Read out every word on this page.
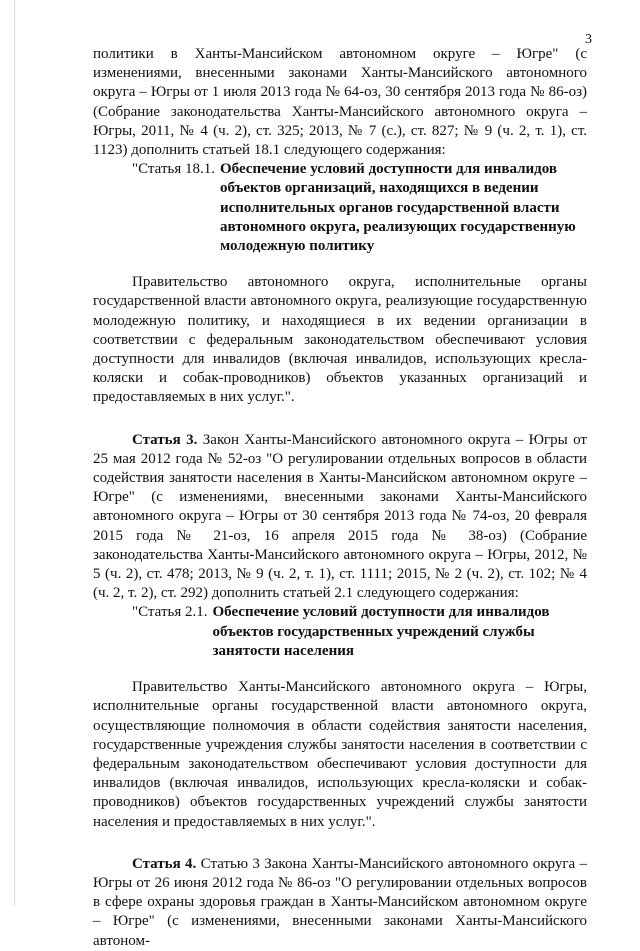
3

политики в Ханты-Мансийском автономном округе – Югре" (с изменениями, внесенными законами Ханты-Мансийского автономного округа – Югры от 1 июля 2013 года № 64-оз, 30 сентября 2013 года № 86-оз) (Собрание законодательства Ханты-Мансийского автономного округа – Югры, 2011, № 4 (ч. 2), ст. 325; 2013, № 7 (с.), ст. 827; № 9 (ч. 2, т. 1), ст. 1123) дополнить статьей 18.1 следующего содержания:

"Статья 18.1. Обеспечение условий доступности для инвалидов объектов организаций, находящихся в ведении исполнительных органов государственной власти автономного округа, реализующих государственную молодежную политику

Правительство автономного округа, исполнительные органы государственной власти автономного округа, реализующие государственную молодежную политику, и находящиеся в их ведении организации в соответствии с федеральным законодательством обеспечивают условия доступности для инвалидов (включая инвалидов, использующих кресла-коляски и собак-проводников) объектов указанных организаций и предоставляемых в них услуг.".

Статья 3. Закон Ханты-Мансийского автономного округа – Югры от 25 мая 2012 года № 52-оз "О регулировании отдельных вопросов в области содействия занятости населения в Ханты-Мансийском автономном округе – Югре" (с изменениями, внесенными законами Ханты-Мансийского автономного округа – Югры от 30 сентября 2013 года № 74-оз, 20 февраля 2015 года № 21-оз, 16 апреля 2015 года № 38-оз) (Собрание законодательства Ханты-Мансийского автономного округа – Югры, 2012, № 5 (ч. 2), ст. 478; 2013, № 9 (ч. 2, т. 1), ст. 1111; 2015, № 2 (ч. 2), ст. 102; № 4 (ч. 2, т. 2), ст. 292) дополнить статьей 2.1 следующего содержания:

"Статья 2.1. Обеспечение условий доступности для инвалидов объектов государственных учреждений службы занятости населения

Правительство Ханты-Мансийского автономного округа – Югры, исполнительные органы государственной власти автономного округа, осуществляющие полномочия в области содействия занятости населения, государственные учреждения службы занятости населения в соответствии с федеральным законодательством обеспечивают условия доступности для инвалидов (включая инвалидов, использующих кресла-коляски и собак-проводников) объектов государственных учреждений службы занятости населения и предоставляемых в них услуг.".

Статья 4. Статью 3 Закона Ханты-Мансийского автономного округа – Югры от 26 июня 2012 года № 86-оз "О регулировании отдельных вопросов в сфере охраны здоровья граждан в Ханты-Мансийском автономном округе – Югре" (с изменениями, внесенными законами Ханты-Мансийского автоном-
